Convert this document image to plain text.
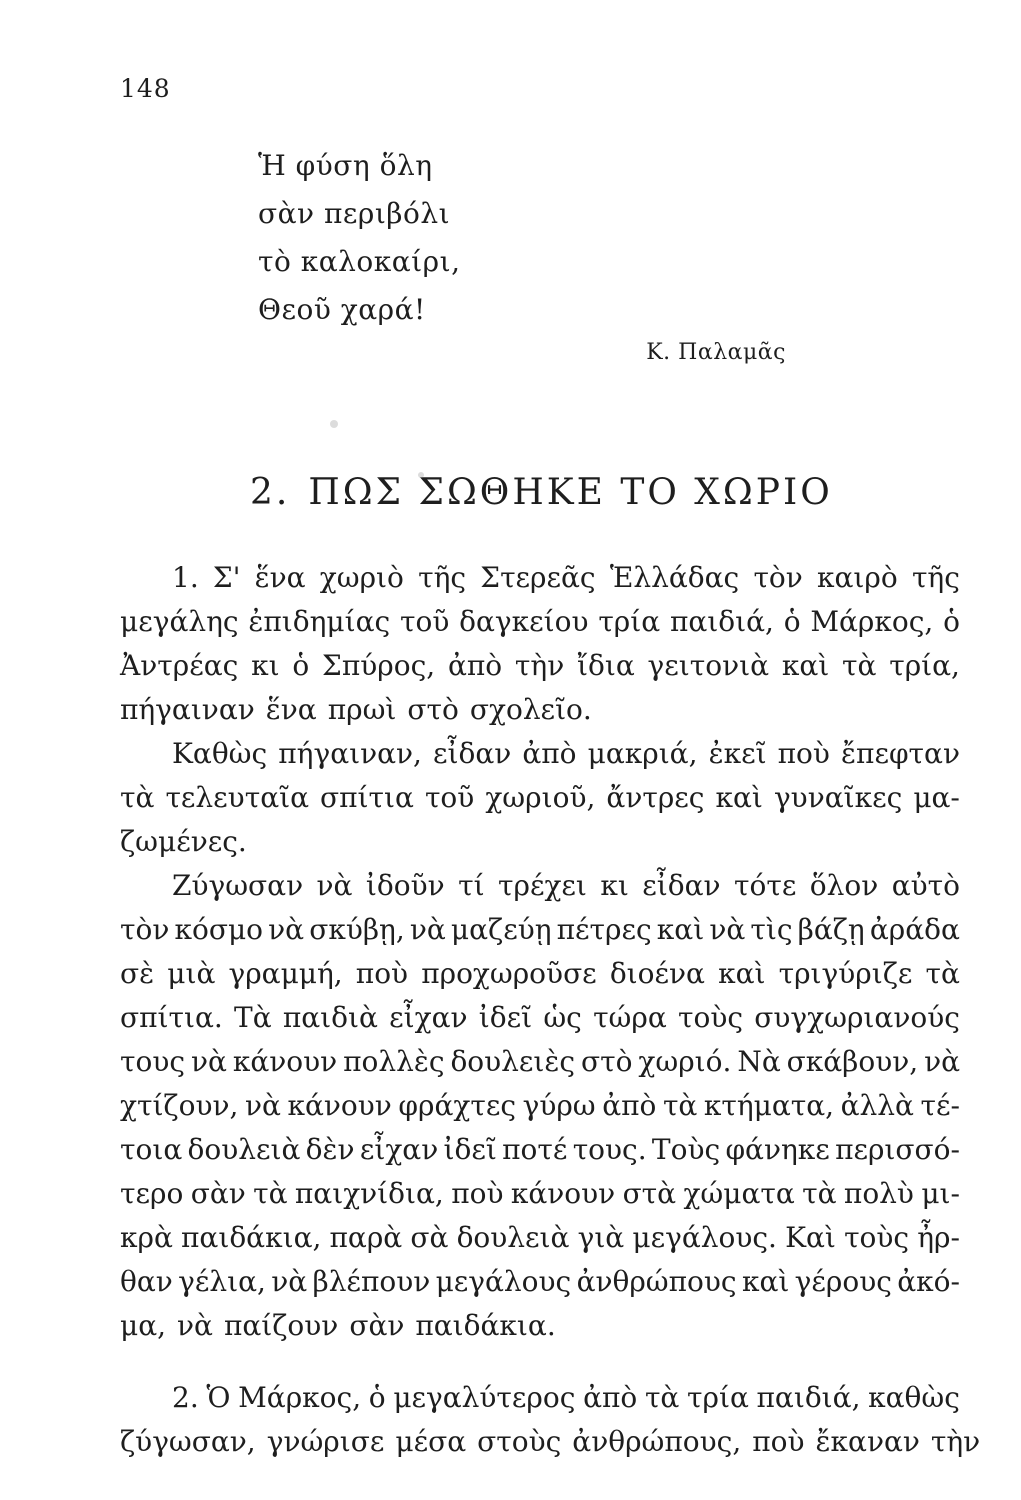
148
Ἡ φύση ὅλη
σὰν περιβόλι
τὸ καλοκαίρι,
Θεοῦ χαρά!
Κ. Παλαμᾶς
2. ΠΩΣ ΣΩΘΗΚΕ ΤΟ ΧΩΡΙΟ
1. Σ' ἕνα χωριὸ τῆς Στερεᾶς Ἑλλάδας τὸν καιρὸ τῆς
μεγάλης ἐπιδημίας τοῦ δαγκείου τρία παιδιά, ὁ Μάρκος, ὁ
Ἀντρέας κι ὁ Σπύρος, ἀπὸ τὴν ἴδια γειτονιὰ καὶ τὰ τρία,
πήγαιναν ἕνα πρωὶ στὸ σχολεῖο.
Καθὼς πήγαιναν, εἶδαν ἀπὸ μακριά, ἐκεῖ ποὺ ἔπεφταν
τὰ τελευταῖα σπίτια τοῦ χωριοῦ, ἄντρες καὶ γυναῖκες μα-
ζωμένες.
Ζύγωσαν νὰ ἰδοῦν τί τρέχει κι εἶδαν τότε ὅλον αὐτὸ
τὸν κόσμο νὰ σκύβῃ, νὰ μαζεύῃ πέτρες καὶ νὰ τὶς βάζῃ ἀράδα
σὲ μιὰ γραμμή, ποὺ προχωροῦσε διοένα καὶ τριγύριζε τὰ
σπίτια. Τὰ παιδιὰ εἶχαν ἰδεῖ ὡς τώρα τοὺς συγχωριανούς
τους νὰ κάνουν πολλὲς δουλειὲς στὸ χωριό. Νὰ σκάβουν, νὰ
χτίζουν, νὰ κάνουν φράχτες γύρω ἀπὸ τὰ κτήματα, ἀλλὰ τέ-
τοια δουλειὰ δὲν εἶχαν ἰδεῖ ποτέ τους. Τοὺς φάνηκε περισσό-
τερο σὰν τὰ παιχνίδια, ποὺ κάνουν στὰ χώματα τὰ πολὺ μι-
κρὰ παιδάκια, παρὰ σὰ δουλειὰ γιὰ μεγάλους. Καὶ τοὺς ἦρ-
θαν γέλια, νὰ βλέπουν μεγάλους ἀνθρώπους καὶ γέρους ἀκό-
μα, νὰ παίζουν σὰν παιδάκια.
2. Ὁ Μάρκος, ὁ μεγαλύτερος ἀπὸ τὰ τρία παιδιά, καθὼς
ζύγωσαν, γνώρισε μέσα στοὺς ἀνθρώπους, ποὺ ἔκαναν τὴν
